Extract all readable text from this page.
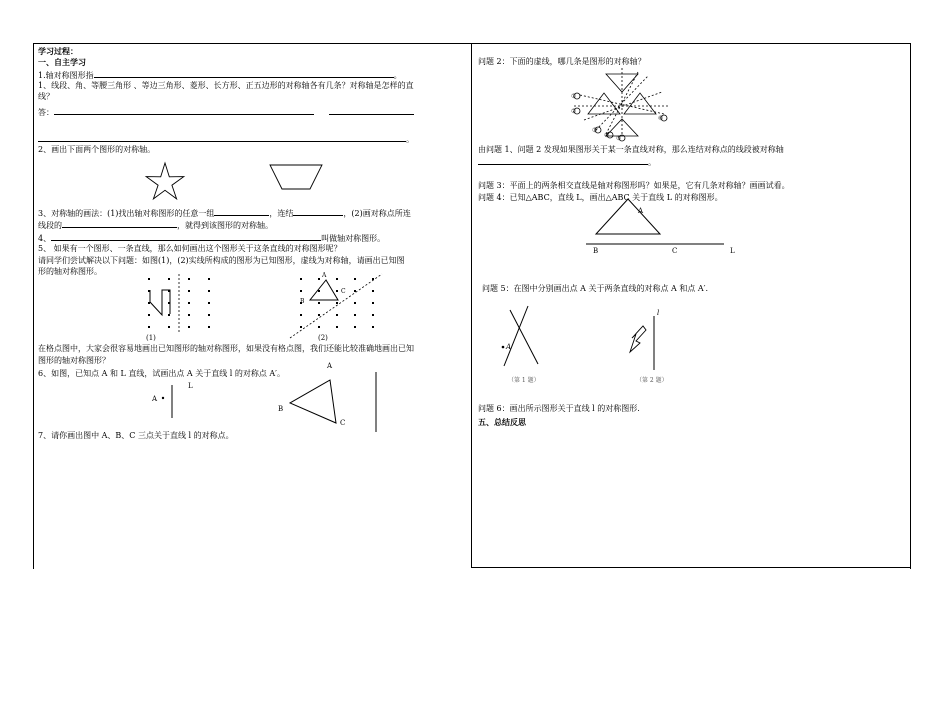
学习过程：
一、自主学习
1.轴对称图形指	。
1、线段、角、等腰三角形 、等边三角形、菱形、长方形、正五边形的对称轴各有几条？对称轴是怎样的直
线？
答：
。
2、画出下面两个图形的对称轴。
(1)	(2)
A
B
C
3、对称轴的画法：(1)找出轴对称图形的任意一组	，连结	，(2)画对称点所连
线段的	，就得到该图形的对称轴。
4、	叫做轴对称图形。
5、 如果有一个图形、一条直线，那么如何画出这个图形关于这条直线的对称图形呢？
请同学们尝试解决以下问题：如图(1)，(2)实线所构成的图形为已知图形，虚线为对称轴，请画出已知图
形的轴对称图形。
在格点图中，大家会很容易地画出已知图形的轴对称图形，如果没有格点图，我们还能比较准确地画出已知
图形的轴对称图形？
6、如图，已知点 A 和 L 直线，试画出点 A 关于直线 l 的对称点 A′。
A
L
A
B
C
7、请你画出图中 A、B、C 三点关于直线 l 的对称点。
问题 2：下面的虚线，哪几条是图形的对称轴？
由问题 1、问题 2 发现如果图形关于某一条直线对称，那么连结对称点的线段被对称轴
。
问题 3：平面上的两条相交直线是轴对称图形吗？如果是，它有几条对称轴？画画试看。
问题 4：已知△ABC，直线 L，画出△ABC 关于直线 L 的对称图形。
A
B	C	L
问题 5：在图中分别画出点 A 关于两条直线的对称点 A 和点 A′.
A
l
（第 1 题）	（第 2 题）
问题 6：画出所示图形关于直线 l 的对称图形.
五、总结反思
①
②
③
④ ⑤
⑥
